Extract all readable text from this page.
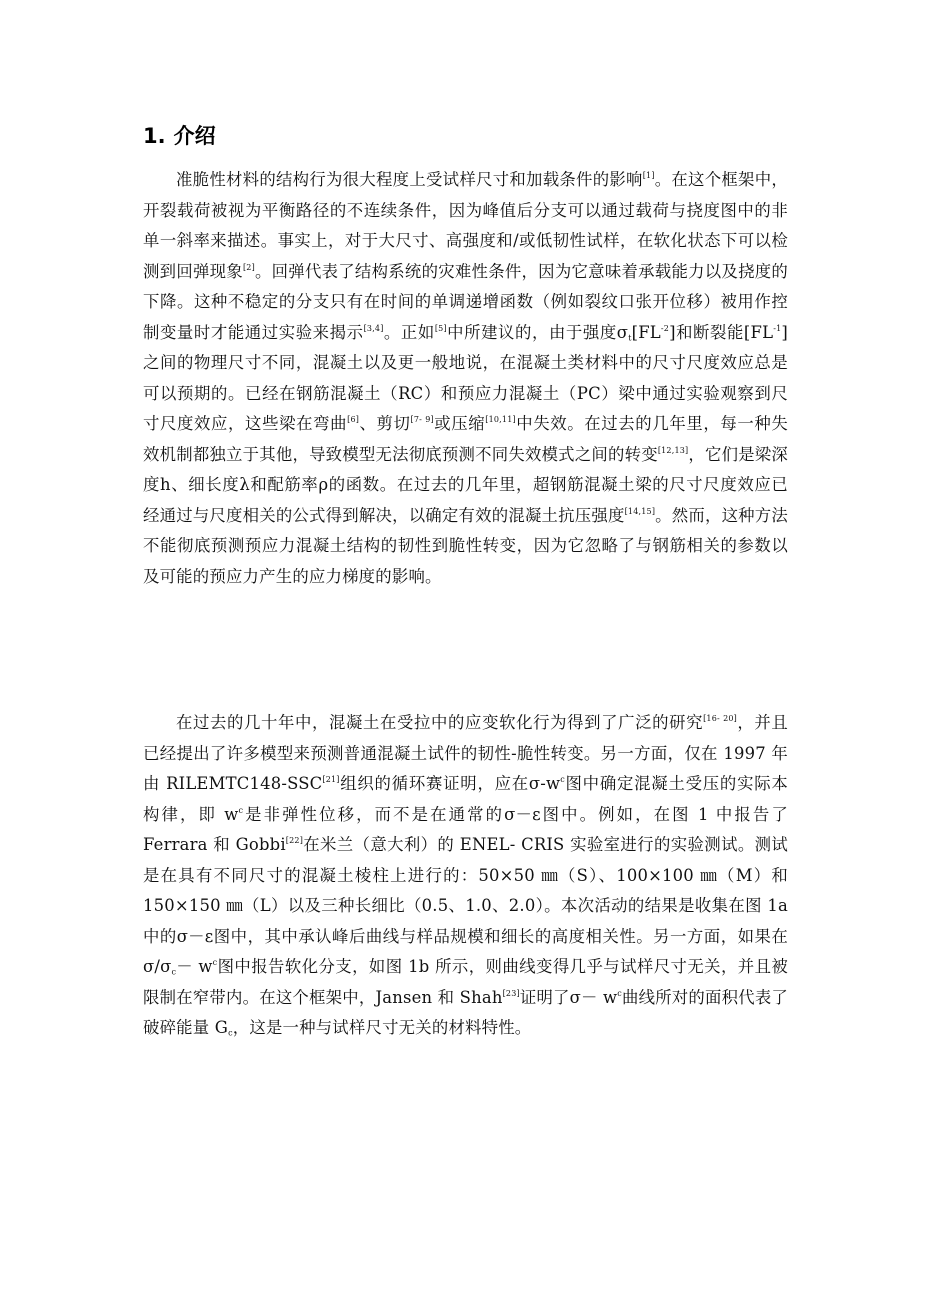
1. 介绍

准脆性材料的结构行为很大程度上受试样尺寸和加载条件的影响[1]。在这个框架中，开裂载荷被视为平衡路径的不连续条件，因为峰值后分支可以通过载荷与挠度图中的非单一斜率来描述。事实上，对于大尺寸、高强度和/或低韧性试样，在软化状态下可以检测到回弹现象[2]。回弹代表了结构系统的灾难性条件，因为它意味着承载能力以及挠度的下降。这种不稳定的分支只有在时间的单调递增函数（例如裂纹口张开位移）被用作控制变量时才能通过实验来揭示[3,4]。正如[5]中所建议的，由于强度$\sigma_t[FL^{-2}]$和断裂能$[FL^{-1}]$之间的物理尺寸不同，混凝土以及更一般地说，在混凝土类材料中的尺寸尺度效应总是可以预期的。已经在钢筋混凝土（RC）和预应力混凝土（PC）梁中通过实验观察到尺寸尺度效应，这些梁在弯曲[6]、剪切[7- 9]或压缩[10,11]中失效。在过去的几年里，每一种失效机制都独立于其他，导致模型无法彻底预测不同失效模式之间的转变[12,13]，它们是梁深度h、细长度λ和配筋率ρ的函数。在过去的几年里，超钢筋混凝土梁的尺寸尺度效应已经通过与尺度相关的公式得到解决，以确定有效的混凝土抗压强度[14,15]。然而，这种方法不能彻底预测预应力混凝土结构的韧性到脆性转变，因为它忽略了与钢筋相关的参数以及可能的预应力产生的应力梯度的影响。

在过去的几十年中，混凝土在受拉中的应变软化行为得到了广泛的研究[16- 20]，并且已经提出了许多模型来预测普通混凝土试件的韧性-脆性转变。另一方面，仅在 1997 年由 RILEMTC148-SSC[21]组织的循环赛证明，应在$\sigma-w^c$图中确定混凝土受压的实际本构律，即 $w^c$是非弹性位移，而不是在通常的σ－ε图中。例如，在图 1 中报告了 Ferrara 和 Gobbi[22]在米兰（意大利）的 ENEL- CRIS 实验室进行的实验测试。测试是在具有不同尺寸的混凝土棱柱上进行的：50×50 ㎜（S）、100×100 ㎜（M）和 150×150 ㎜（L）以及三种长细比（0.5、1.0、2.0）。本次活动的结果是收集在图 1a 中的σ－ε图中，其中承认峰后曲线与样品规模和细长的高度相关性。另一方面，如果在$\sigma/\sigma_c- w^c$图中报告软化分支，如图 1b 所示，则曲线变得几乎与试样尺寸无关，并且被限制在窄带内。在这个框架中，Jansen 和 Shah[23]证明了$\sigma- w^c$曲线所对的面积代表了破碎能量 $G_c$，这是一种与试样尺寸无关的材料特性。
